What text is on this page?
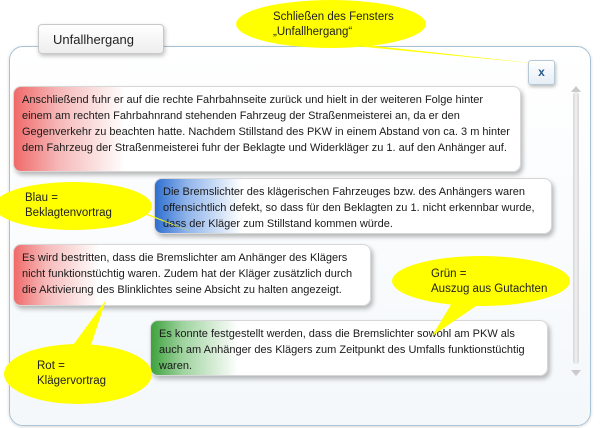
Unfallhergang
x
Anschließend fuhr er auf die rechte Fahrbahnseite zurück und hielt in der weiteren Folge hinter einem am rechten Fahrbahnrand stehenden Fahrzeug der Straßenmeisterei an, da er den Gegenverkehr zu beachten hatte. Nachdem Stillstand des PKW in einem Abstand von ca. 3 m hinter dem Fahrzeug der Straßenmeisterei fuhr der Beklagte und Widerkläger zu 1. auf den Anhänger auf.
Die Bremslichter des klägerischen Fahrzeuges bzw. des Anhängers waren offensichtlich defekt, so dass für den Beklagten zu 1. nicht erkennbar wurde, dass der Kläger zum Stillstand kommen würde.
Es wird bestritten, dass die Bremslichter am Anhänger des Klägers nicht funktionstüchtig waren. Zudem hat der Kläger zusätzlich durch die Aktivierung des Blinklichtes seine Absicht zu halten angezeigt.
Es konnte festgestellt werden, dass die Bremslichter sowohl am PKW als auch am Anhänger des Klägers zum Zeitpunkt des Umfalls funktionstüchtig waren.
Schließen des Fensters
„Unfallhergang“
Blau =
Beklagtenvortrag
Grün =
Auszug aus Gutachten
Rot =
Klägervortrag
